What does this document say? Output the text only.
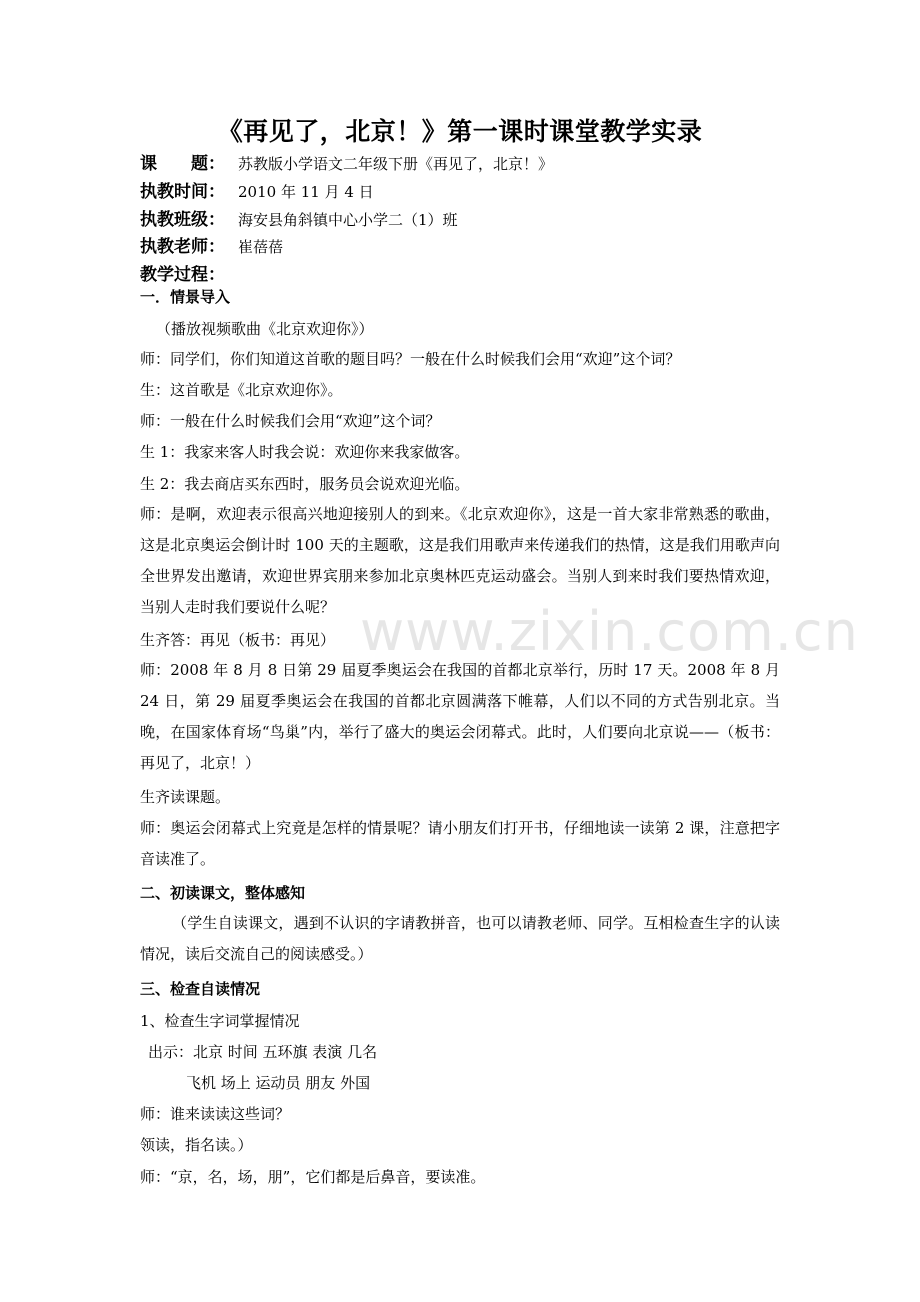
www.zixin.com.cn
《再见了，北京！》第一课时课堂教学实录
课　　题： 苏教版小学语文二年级下册《再见了，北京！》
执教时间： 2010 年 11 月 4 日
执教班级： 海安县角斜镇中心小学二（1）班
执教老师： 崔蓓蓓
教学过程：
一．情景导入
（播放视频歌曲《北京欢迎你》）
师：同学们，你们知道这首歌的题目吗？一般在什么时候我们会用“欢迎”这个词？
生：这首歌是《北京欢迎你》。
师：一般在什么时候我们会用“欢迎”这个词？
生 1：我家来客人时我会说：欢迎你来我家做客。
生 2：我去商店买东西时，服务员会说欢迎光临。
师：是啊，欢迎表示很高兴地迎接别人的到来。《北京欢迎你》，这是一首大家非常熟悉的歌曲，这是北京奥运会倒计时 100 天的主题歌，这是我们用歌声来传递我们的热情，这是我们用歌声向全世界发出邀请，欢迎世界宾朋来参加北京奥林匹克运动盛会。当别人到来时我们要热情欢迎，当别人走时我们要说什么呢？
生齐答：再见（板书：再见）
师：2008 年 8 月 8 日第 29 届夏季奥运会在我国的首都北京举行，历时 17 天。2008 年 8 月 24 日，第 29 届夏季奥运会在我国的首都北京圆满落下帷幕，人们以不同的方式告别北京。当晚，在国家体育场“鸟巢”内，举行了盛大的奥运会闭幕式。此时，人们要向北京说——（板书：再见了，北京！）
生齐读课题。
师：奥运会闭幕式上究竟是怎样的情景呢？请小朋友们打开书，仔细地读一读第 2 课，注意把字音读准了。
二、初读课文，整体感知
（学生自读课文，遇到不认识的字请教拼音，也可以请教老师、同学。互相检查生字的认读情况，读后交流自己的阅读感受。）
三、检查自读情况
1、检查生字词掌握情况
出示：北京 时间 五环旗 表演 几名
飞机 场上 运动员 朋友 外国
师：谁来读读这些词？
领读，指名读。）
师：“京，名，场，朋”，它们都是后鼻音，要读准。
